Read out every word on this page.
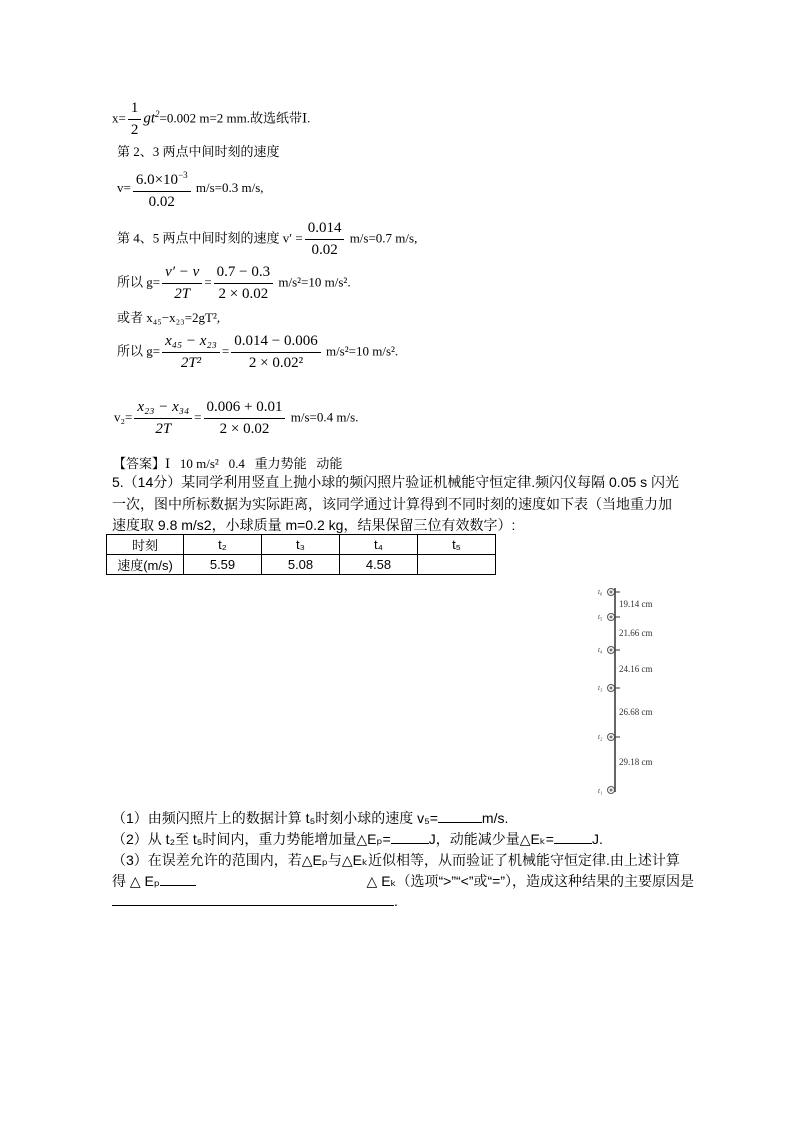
$x= \frac{1}{2} gt^2=0.002$ m=2 mm.故选纸带Ⅰ.
第 2、3 两点中间时刻的速度
$v= \frac{6.0\times 10^{-3}}{0.02} m/s=0.3$ m/s,
第 4、5 两点中间时刻的速度 $v' = \frac{0.014}{0.02} m/s=0.7$ m/s,
所以 $g= \frac{v' - v}{2T} = \frac{0.7 - 0.3}{2 \times 0.02} m/s^2=10$ m/s².
或者 x₄₅−x₂₃=2gT²,
所以 $g= \frac{\text{x₄₅ − x₂₃}}{\text{2T²}} = \frac{0.014 - 0.006}{\text{2 × 0.02²}} m/s^2=10$ m/s².
$v_2= \frac{\text{x₂₃ − x₃₄}}{2T} = \frac{0.006 + 0.01}{2 \times 0.02} m/s=0.4$ m/s.
【答案】Ⅰ   10 m/s²   0.4   重力势能   动能
5.（14分）某同学利用竖直上抛小球的频闪照片验证机械能守恒定律.频闪仪每隔 0.05 s 闪光
一次，图中所标数据为实际距离，该同学通过计算得到不同时刻的速度如下表（当地重力加
速度取 9.8 m/s2，小球质量 m=0.2 kg，结果保留三位有效数字）:
时刻	t₂	t₃	t₄	t₅
速度(m/s)	5.59	5.08	4.58	
t₆
t₅
t₄
t₃
t₂
t₁
19.14 cm
21.66 cm
24.16 cm
26.68 cm
29.18 cm
（1）由频闪照片上的数据计算 t₅时刻小球的速度 v₅=	m/s.
（2）从 t₂至 t₅时间内，重力势能增加量△Eₚ=	J，动能减少量△Eₖ=	J.
（3）在误差允许的范围内，若△Eₚ与△Eₖ近似相等，从而验证了机械能守恒定律.由上述计算
得 △ Eₚ	△ Eₖ（选项“>”“<”或“=”），造成这种结果的主要原因是
.
